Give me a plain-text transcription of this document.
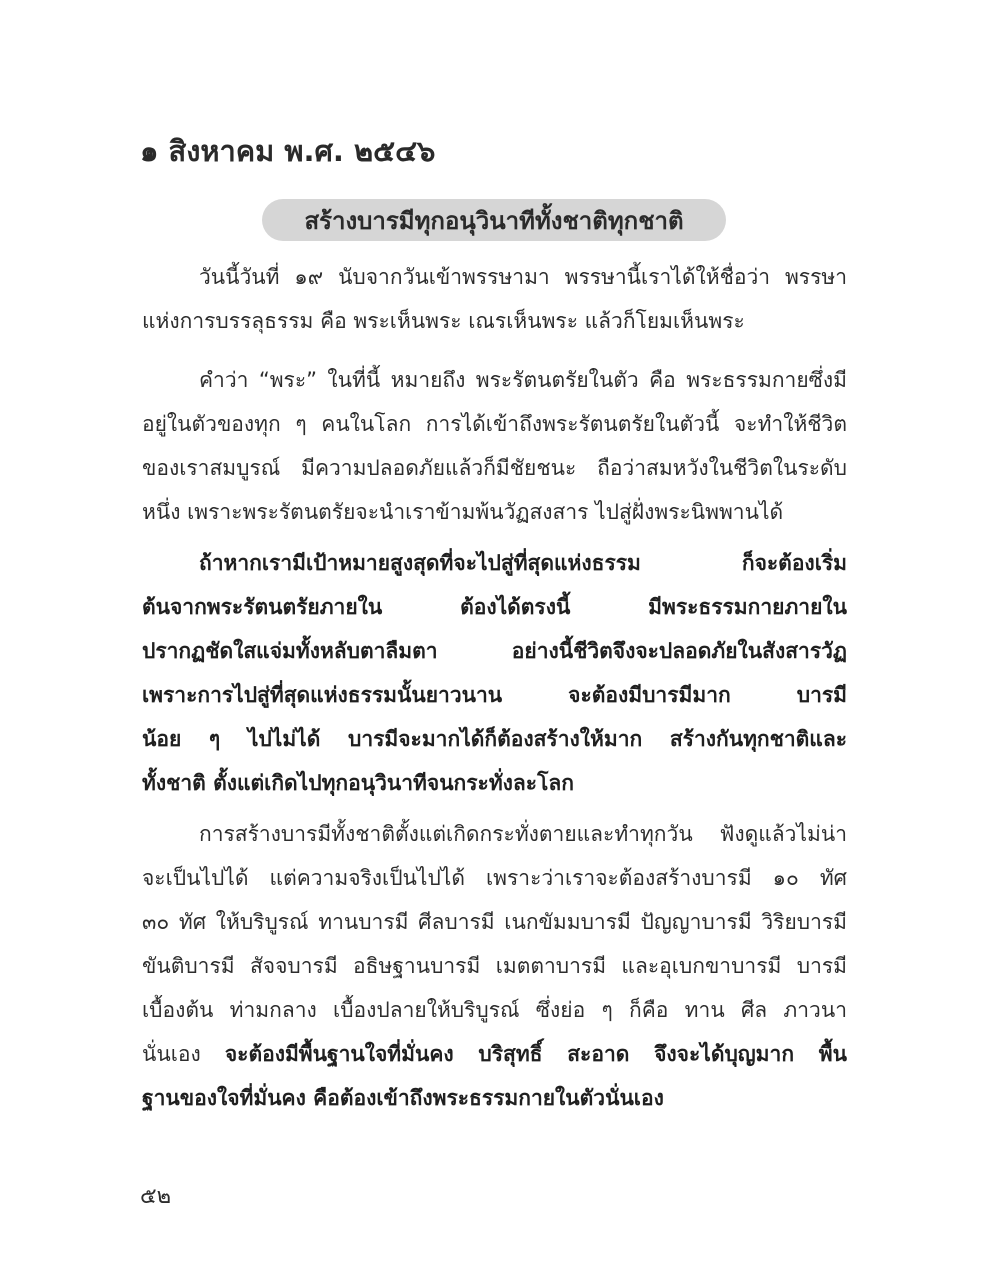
๑ สิงหาคม พ.ศ. ๒๕๔๖
สร้างบารมีทุกอนุวินาทีทั้งชาติทุกชาติ
วันนี้วันที่ ๑๙ นับจากวันเข้าพรรษามา พรรษานี้เราได้ให้ชื่อว่า พรรษา
แห่งการบรรลุธรรม คือ พระเห็นพระ เณรเห็นพระ แล้วก็โยมเห็นพระ
คำว่า “พระ” ในที่นี้ หมายถึง พระรัตนตรัยในตัว คือ พระธรรมกายซึ่งมี
อยู่ในตัวของทุก ๆ คนในโลก การได้เข้าถึงพระรัตนตรัยในตัวนี้ จะทำให้ชีวิต
ของเราสมบูรณ์ มีความปลอดภัยแล้วก็มีชัยชนะ ถือว่าสมหวังในชีวิตในระดับ
หนึ่ง เพราะพระรัตนตรัยจะนำเราข้ามพ้นวัฏสงสาร ไปสู่ฝั่งพระนิพพานได้
ถ้าหากเรามีเป้าหมายสูงสุดที่จะไปสู่ที่สุดแห่งธรรม ก็จะต้องเริ่ม
ต้นจากพระรัตนตรัยภายใน ต้องได้ตรงนี้ มีพระธรรมกายภายใน
ปรากฏชัดใสแจ่มทั้งหลับตาลืมตา อย่างนี้ชีวิตจึงจะปลอดภัยในสังสารวัฏ
เพราะการไปสู่ที่สุดแห่งธรรมนั้นยาวนาน จะต้องมีบารมีมาก บารมี
น้อย ๆ ไปไม่ได้ บารมีจะมากได้ก็ต้องสร้างให้มาก สร้างกันทุกชาติและ
ทั้งชาติ ตั้งแต่เกิดไปทุกอนุวินาทีจนกระทั่งละโลก
การสร้างบารมีทั้งชาติตั้งแต่เกิดกระทั่งตายและทำทุกวัน ฟังดูแล้วไม่น่า
จะเป็นไปได้ แต่ความจริงเป็นไปได้ เพราะว่าเราจะต้องสร้างบารมี ๑๐ ทัศ
๓๐ ทัศ ให้บริบูรณ์ ทานบารมี ศีลบารมี เนกขัมมบารมี ปัญญาบารมี วิริยบารมี
ขันติบารมี สัจจบารมี อธิษฐานบารมี เมตตาบารมี และอุเบกขาบารมี บารมี
เบื้องต้น ท่ามกลาง เบื้องปลายให้บริบูรณ์ ซึ่งย่อ ๆ ก็คือ ทาน ศีล ภาวนา
นั่นเอง จะต้องมีพื้นฐานใจที่มั่นคง บริสุทธิ์ สะอาด จึงจะได้บุญมาก พื้น
ฐานของใจที่มั่นคง คือต้องเข้าถึงพระธรรมกายในตัวนั่นเอง
๕๒
